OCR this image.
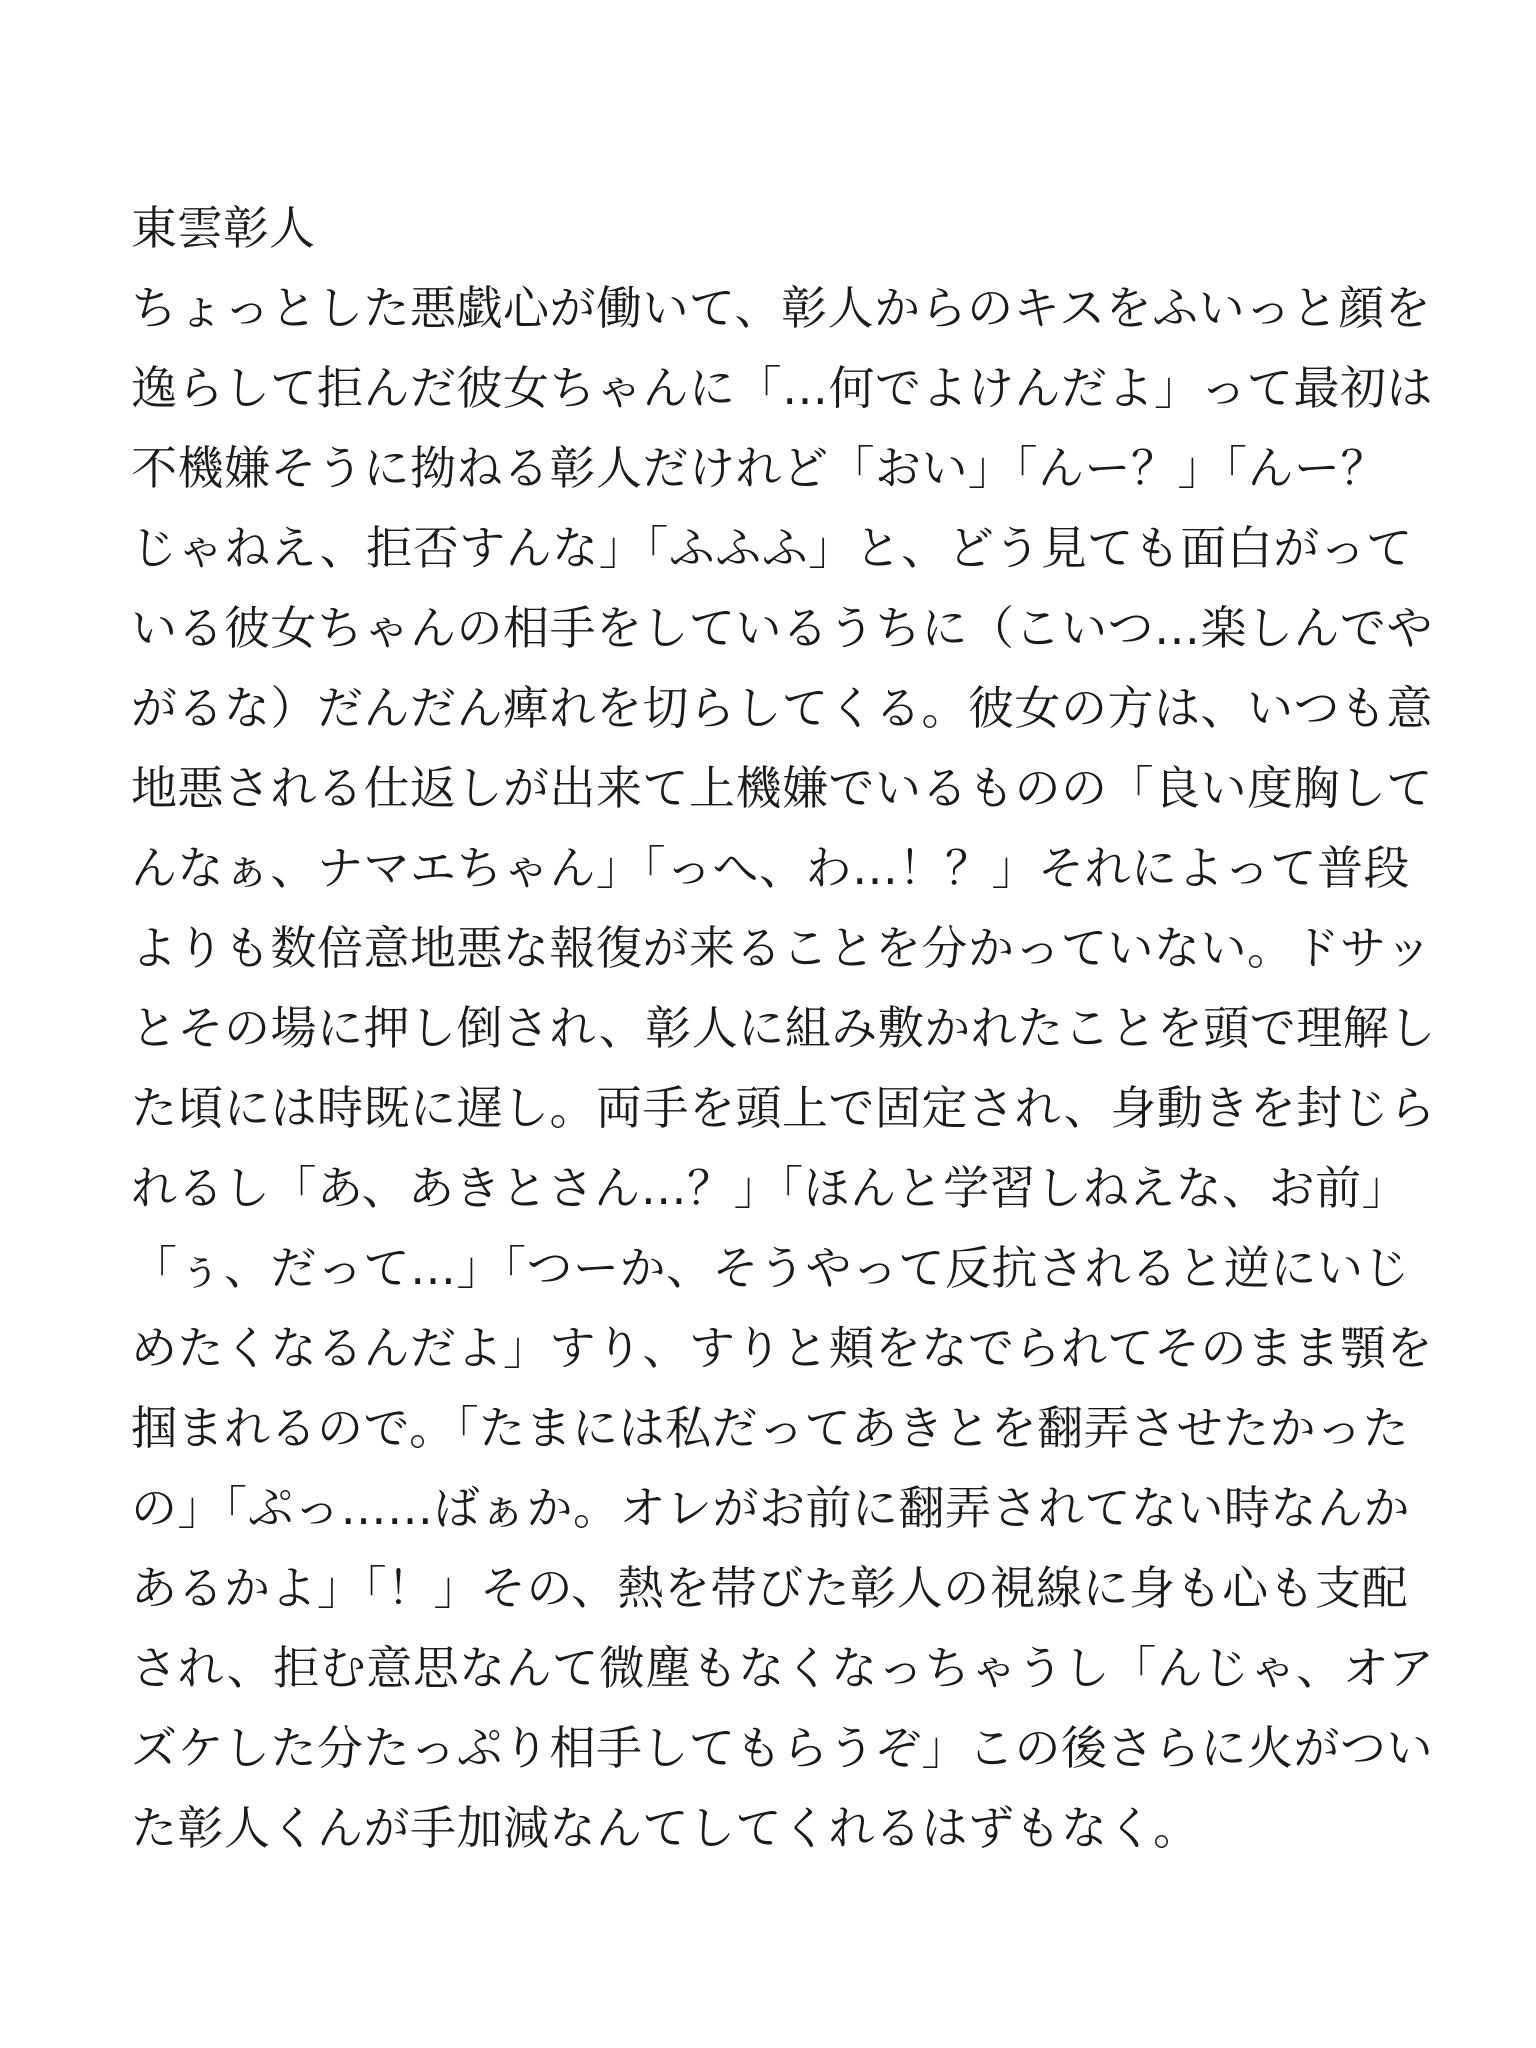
東雲彰人
ちょっとした悪戯心が働いて、彰人からのキスをふいっと顔を
逸らして拒んだ彼女ちゃんに「…何でよけんだよ」って最初は
不機嫌そうに拗ねる彰人だけれど「おい」「んー？」「んー？
じゃねえ、拒否すんな」「ふふふ」と、どう見ても面白がって
いる彼女ちゃんの相手をしているうちに（こいつ…楽しんでや
がるな）だんだん痺れを切らしてくる。彼女の方は、いつも意
地悪される仕返しが出来て上機嫌でいるものの「良い度胸して
んなぁ、ナマエちゃん」「っへ、わ…！？」それによって普段
よりも数倍意地悪な報復が来ることを分かっていない。ドサッ
とその場に押し倒され、彰人に組み敷かれたことを頭で理解し
た頃には時既に遅し。両手を頭上で固定され、身動きを封じら
れるし「あ、あきとさん…？」「ほんと学習しねえな、お前」
「ぅ、だって…」「つーか、そうやって反抗されると逆にいじ
めたくなるんだよ」すり、すりと頬をなでられてそのまま顎を
掴まれるので。「たまには私だってあきとを翻弄させたかった
の」「ぷっ……ばぁか。オレがお前に翻弄されてない時なんか
あるかよ」「！」その、熱を帯びた彰人の視線に身も心も支配
され、拒む意思なんて微塵もなくなっちゃうし「んじゃ、オア
ズケした分たっぷり相手してもらうぞ」この後さらに火がつい
た彰人くんが手加減なんてしてくれるはずもなく。
